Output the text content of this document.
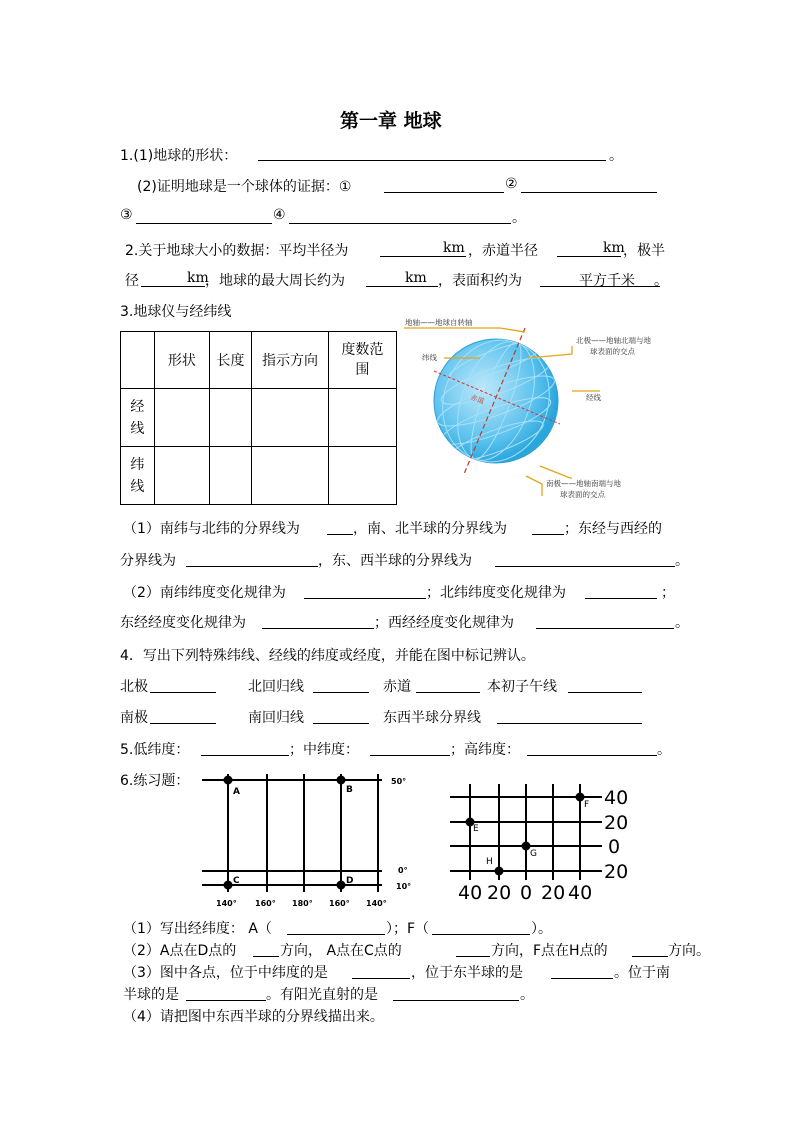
第一章 地球
1.(1)地球的形状：	。
(2)证明地球是一个球体的证据：①	②
③	④	。
2.关于地球大小的数据：平均半径为	km ，赤道半径	km
，极半
径	km
，地球的最大周长约为	km ，表面积约为	平方千米 。
3.地球仪与经纬线
	形状	长度	指示方向	度数范围
经线				
纬线				
赤道
地轴——地球自转轴
北极——地轴北端与地球表面的交点
纬线
经线
南极——地轴南端与地球表面的交点
（1）南纬与北纬的分界线为	，南、北半球的分界线为	；东经与西经的
分界线为	，东、西半球的分界线为	。
（2）南纬纬度变化规律为	；北纬纬度变化规律为	；
东经经度变化规律为	；西经经度变化规律为	。
4．写出下列特殊纬线、经线的纬度或经度，并能在图中标记辨认。
北极	北回归线	赤道	本初子午线
南极	南回归线	东西半球分界线
5.低纬度：	；中纬度：	；高纬度：	。
6.练习题：
A	B
C	D
50°
0°
10°
140° 160° 180° 160° 140°
E
F
G
H
40
20
0
20
40 20 0 20 40
（1）写出经纬度： A（	）；F（	）。
（2）A点在D点的	方向， A点在C点的	方向，F点在H点的	方向。
（3）图中各点，位于中纬度的是	，位于东半球的是	。位于南
半球的是	。有阳光直射的是	。
（4）请把图中东西半球的分界线描出来。
